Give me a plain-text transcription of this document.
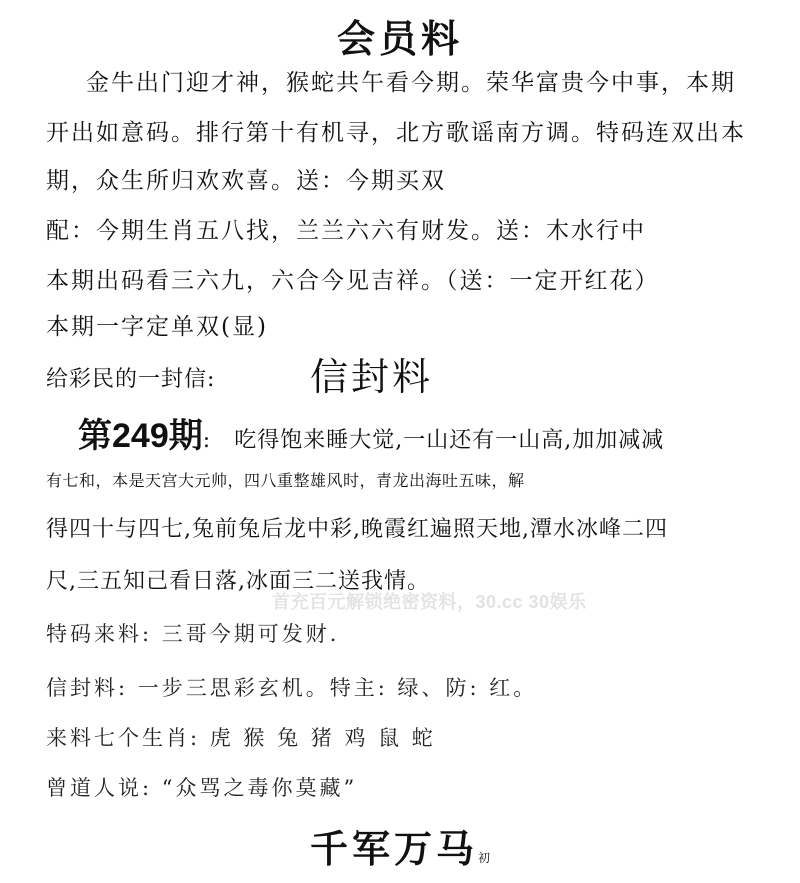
会员料
金牛出门迎才神，猴蛇共午看今期。荣华富贵今中事，本期
开出如意码。排行第十有机寻，北方歌谣南方调。特码连双出本
期，众生所归欢欢喜。送：今期买双
配：今期生肖五八找，兰兰六六有财发。送：木水行中
本期出码看三六九，六合今见吉祥。（送：一定开红花）
本期一字定单双(显)
给彩民的一封信: 信封料
第249期: 吃得饱来睡大觉,一山还有一山高,加加减减
有七和，本是天宫大元帅，四八重整雄风时，青龙出海吐五味，解
得四十与四七,兔前兔后龙中彩,晚霞红遍照天地,潭水冰峰二四
尺,三五知己看日落,冰面三二送我情。
首充百元解锁绝密资料，30.cc 30娱乐
特码来料: 三哥今期可发财.
信封料: 一步三思彩玄机。特主: 绿、防: 红。
来料七个生肖: 虎 猴 兔 猪 鸡 鼠 蛇
曾道人说: “众骂之毒你莫藏”
千军万马初
